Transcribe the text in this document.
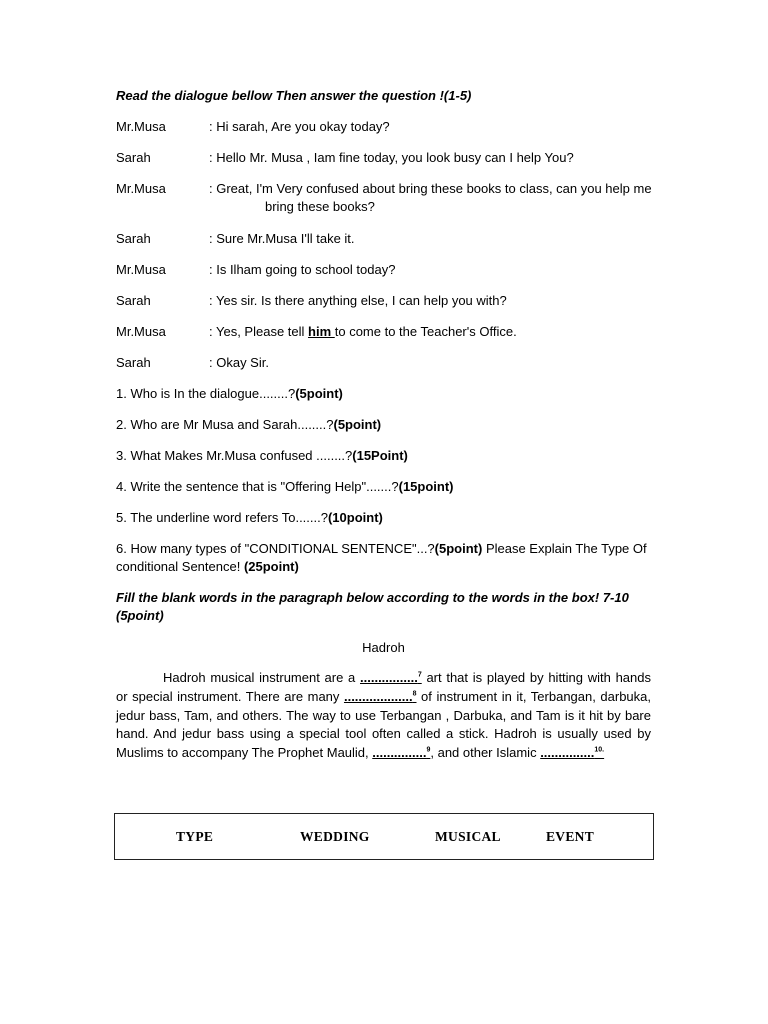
Read the dialogue bellow Then answer the question !(1-5)
Mr.Musa	: Hi sarah, Are you okay today?
Sarah	: Hello Mr. Musa , Iam fine today, you look busy can I help You?
Mr.Musa	: Great, I'm Very confused about bring these books to class, can you help me
bring these books?
Sarah	: Sure Mr.Musa I'll take it.
Mr.Musa	: Is Ilham going to school today?
Sarah	: Yes sir. Is there anything else, I can help you with?
Mr.Musa	: Yes, Please tell him to come to the Teacher's Office.
Sarah	: Okay Sir.
1. Who is In the dialogue........?(5point)
2. Who are Mr Musa and Sarah........?(5point)
3. What Makes Mr.Musa confused ........?(15Point)
4. Write the sentence that is "Offering Help".......?(15point)
5. The underline word refers To.......?(10point)
6. How many types of "CONDITIONAL SENTENCE"...?(5point) Please Explain The Type Of
conditional Sentence! (25point)
Fill the blank words in the paragraph below according to the words in the box! 7-10
(5point)
Hadroh
Hadroh musical instrument are a ................$^7$ art that is played by hitting with hands or special instrument. There are many ...................$^8$ of instrument in it, Terbangan, darbuka, jedur bass, Tam, and others. The way to use Terbangan , Darbuka, and Tam is it hit by bare hand. And jedur bass using a special tool often called a stick. Hadroh is usually used by Muslims to accompany The Prophet Maulid, ...............$^9$, and other Islamic ...............$^{10.}$
TYPE	WEDDING	MUSICAL	EVENT
